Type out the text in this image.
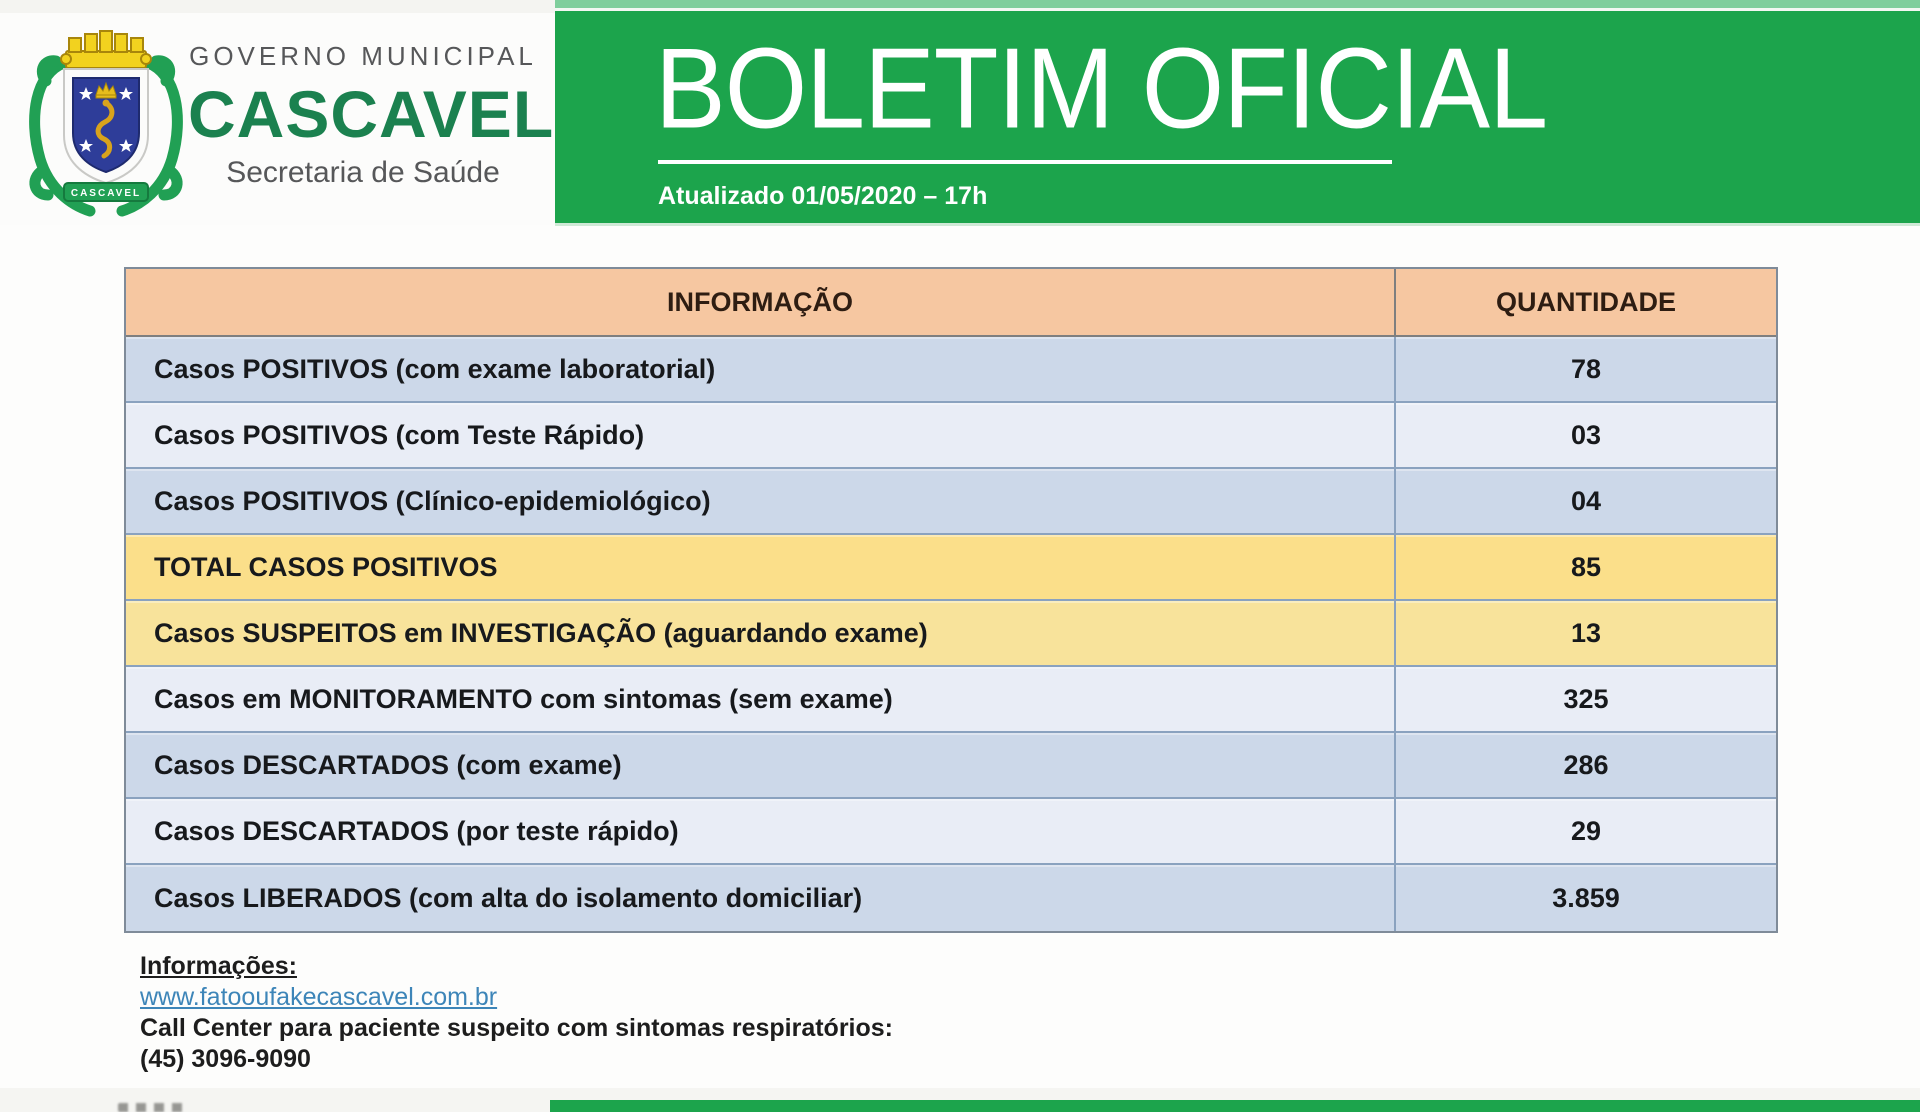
CASCAVEL
GOVERNO MUNICIPAL
CASCAVEL
Secretaria de Saúde
BOLETIM OFICIAL
Atualizado 01/05/2020 – 17h
INFORMAÇÃO	QUANTIDADE
Casos POSITIVOS (com exame laboratorial)	78
Casos POSITIVOS (com Teste Rápido)	03
Casos POSITIVOS (Clínico-epidemiológico)	04
TOTAL CASOS POSITIVOS	85
Casos SUSPEITOS em INVESTIGAÇÃO (aguardando exame)	13
Casos em MONITORAMENTO com sintomas (sem exame)	325
Casos DESCARTADOS (com exame)	286
Casos DESCARTADOS (por teste rápido)	29
Casos LIBERADOS (com alta do isolamento domiciliar)	3.859
Informações:
www.fatooufakecascavel.com.br
Call Center para paciente suspeito com sintomas respiratórios:
(45) 3096-9090
